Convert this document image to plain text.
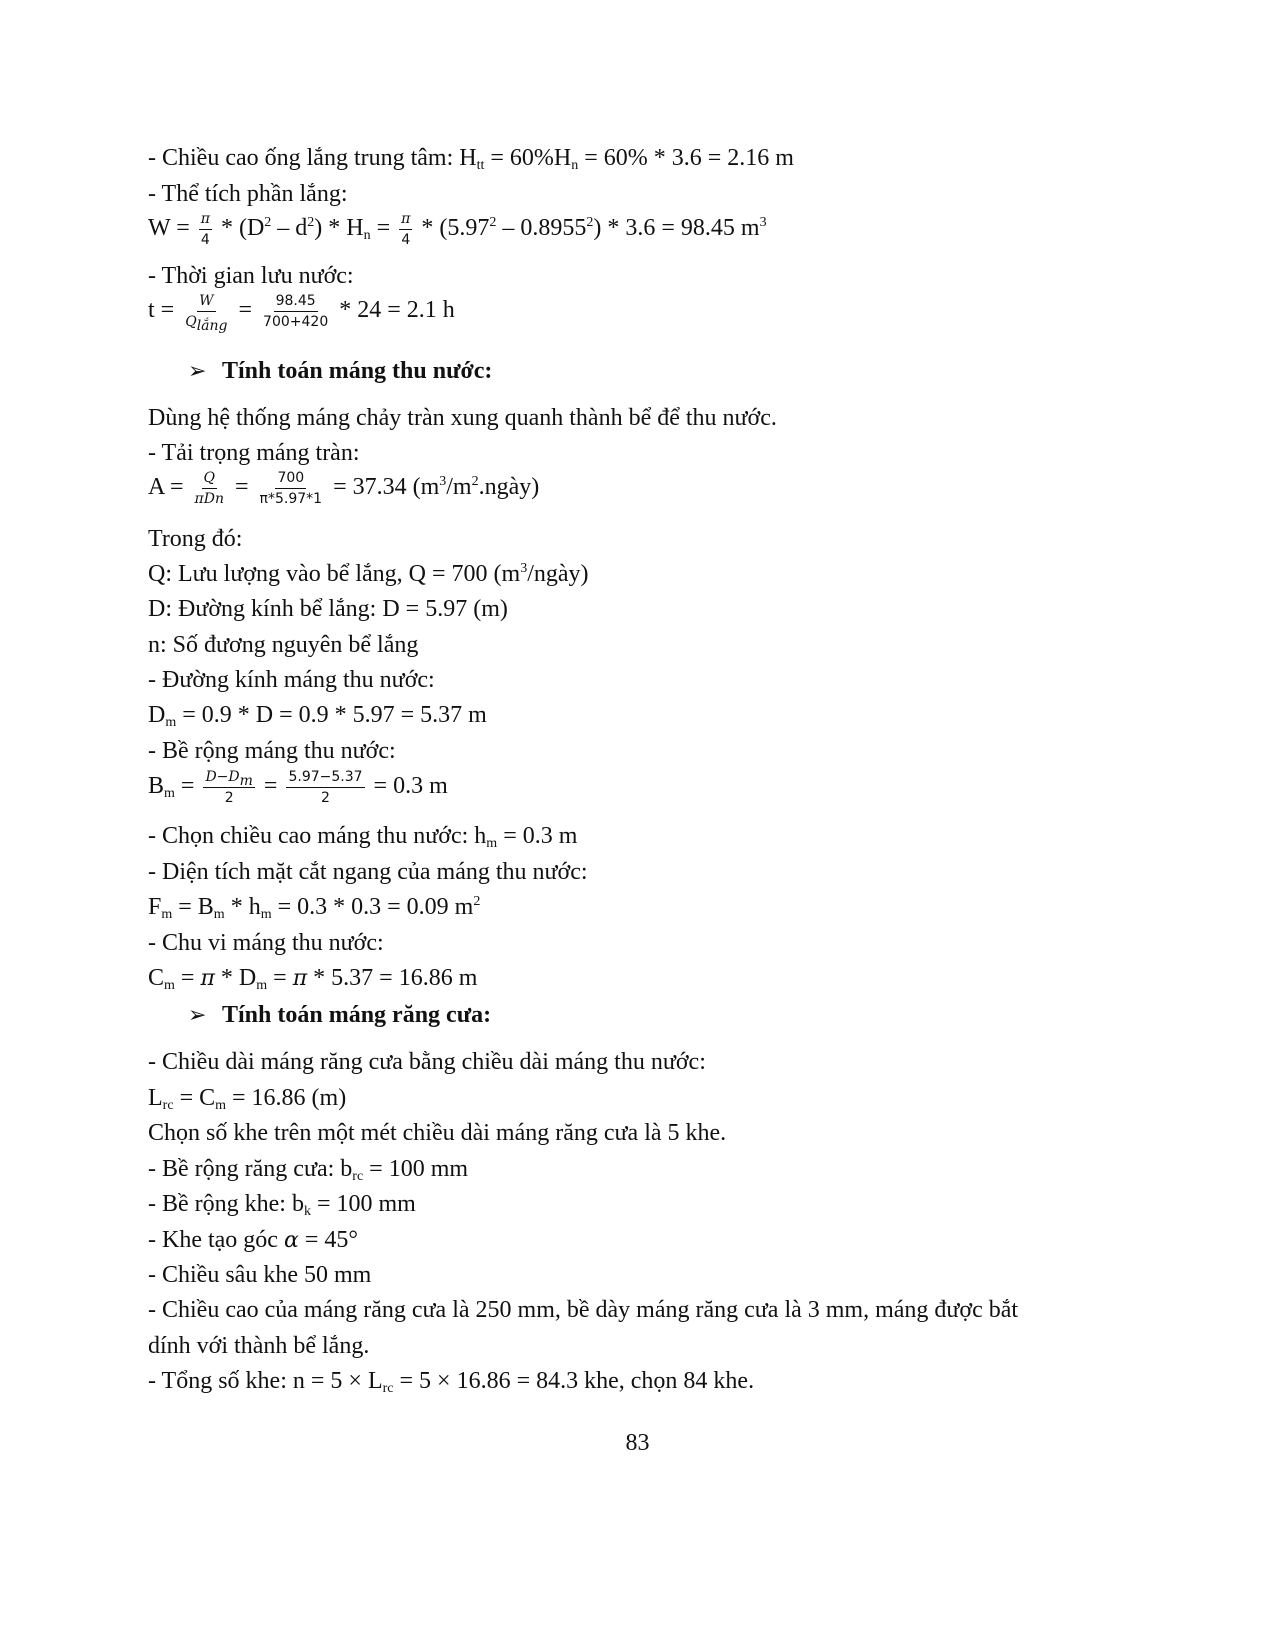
- Chiều cao ống lắng trung tâm: $H_{tt} = 60\%H_n = 60\% * 3.6 = 2.16$ m
- Thể tích phần lắng:
$W = \frac{\pi}{4} * (D^2 - d^2) * H_n = \frac{\pi}{4} * (5.97^2 - 0.8955^2) * 3.6 = 98.45$ $m^3$
- Thời gian lưu nước:
$t = \frac{W}{Q_{lắng}} = \frac{98.45}{700+420} * 24 = 2.1$ h
➢ Tính toán máng thu nước:
Dùng hệ thống máng chảy tràn xung quanh thành bể để thu nước.
- Tải trọng máng tràn:
$A = \frac{Q}{\text{πDn}} = \frac{700}{\pi*5.97*1} = 37.34$ $(m^3/m^2.ngày)$
Trong đó:
Q: Lưu lượng vào bể lắng, Q = 700 $(m^3/ngày)$
D: Đường kính bể lắng: D = 5.97 (m)
n: Số đương nguyên bể lắng
- Đường kính máng thu nước:
$D_m = 0.9 * D = 0.9 * 5.97 = 5.37$ m
- Bề rộng máng thu nước:
$B_m = \frac{D-D_m}{2} = \frac{5.97-5.37}{2} = 0.3$ m
- Chọn chiều cao máng thu nước: $h_m = 0.3$ m
- Diện tích mặt cắt ngang của máng thu nước:
$F_m = B_m * h_m = 0.3 * 0.3 = 0.09$ $m^2$
- Chu vi máng thu nước:
$C_m = \pi * D_m = \pi * 5.37 = 16.86$ m
➢ Tính toán máng răng cưa:
- Chiều dài máng răng cưa bằng chiều dài máng thu nước:
$L_{rc} = C_m = 16.86$ (m)
Chọn số khe trên một mét chiều dài máng răng cưa là 5 khe.
- Bề rộng răng cưa: $b_{rc} = 100$ mm
- Bề rộng khe: $b_k = 100$ mm
- Khe tạo góc α = 45°
- Chiều sâu khe 50 mm
- Chiều cao của máng răng cưa là 250 mm, bề dày máng răng cưa là 3 mm, máng được bắt
dính với thành bể lắng.
- Tổng số khe: $n = 5 \times L_{rc} = 5 \times 16.86 = 84.3$ khe, chọn 84 khe.
83
